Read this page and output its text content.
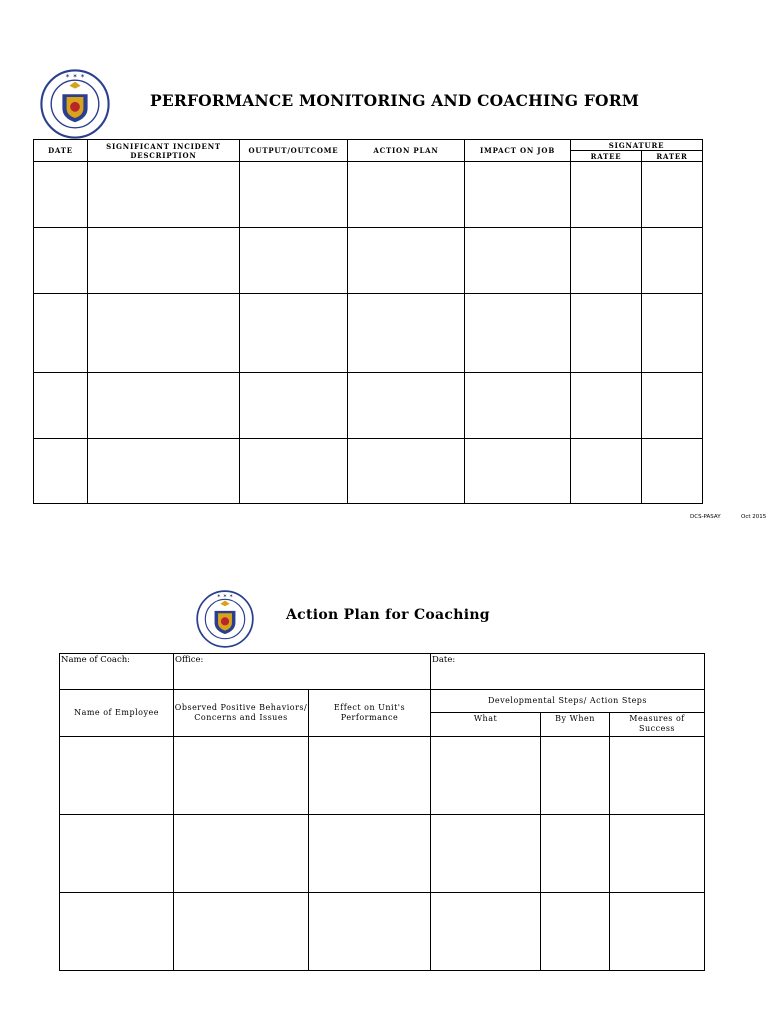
✶ ✶ ✶
PERFORMANCE MONITORING AND COACHING FORM
DATE	SIGNIFICANT INCIDENT DESCRIPTION	OUTPUT/OUTCOME	ACTION PLAN	IMPACT ON JOB	SIGNATURE	
					RATEE	RATER

DCS-PASAY	Oct 2015
✶ ✶ ✶
Action Plan for Coaching
Name of Coach:	Office:		Date:		
Name of Employee	Observed Positive Behaviors/ Concerns and Issues	Effect on Unit's Performance	Developmental Steps/ Action Steps		
			What	By When	Measures of Success
